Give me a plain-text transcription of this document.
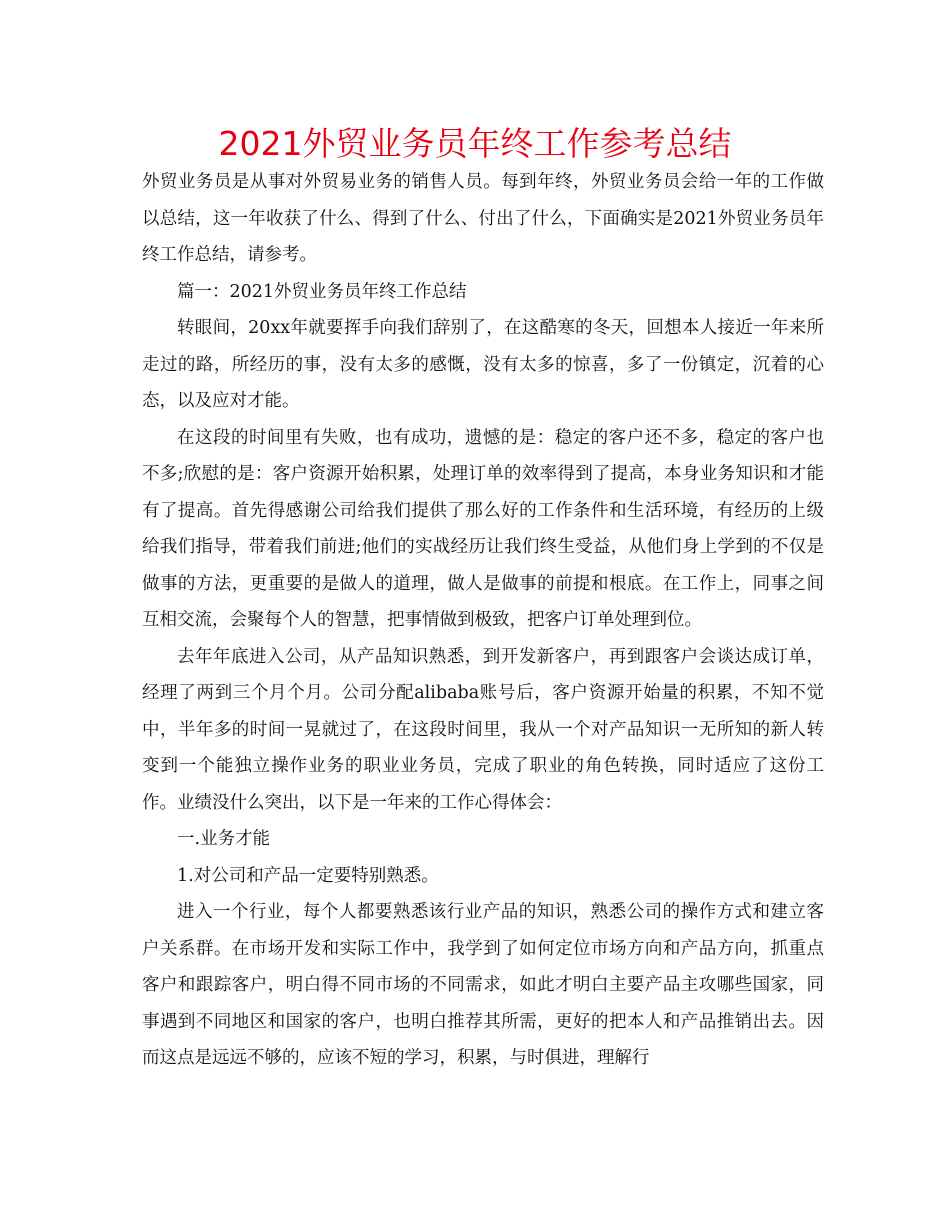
2021外贸业务员年终工作参考总结

外贸业务员是从事对外贸易业务的销售人员。每到年终，外贸业务员会给一年的工作做以总结，这一年收获了什么、得到了什么、付出了什么，下面确实是2021外贸业务员年终工作总结，请参考。

篇一：2021外贸业务员年终工作总结

转眼间，20xx年就要挥手向我们辞别了，在这酷寒的冬天，回想本人接近一年来所走过的路，所经历的事，没有太多的感慨，没有太多的惊喜，多了一份镇定，沉着的心态，以及应对才能。

在这段的时间里有失败，也有成功，遗憾的是：稳定的客户还不多，稳定的客户也不多;欣慰的是：客户资源开始积累，处理订单的效率得到了提高，本身业务知识和才能有了提高。首先得感谢公司给我们提供了那么好的工作条件和生活环境，有经历的上级给我们指导，带着我们前进;他们的实战经历让我们终生受益，从他们身上学到的不仅是做事的方法，更重要的是做人的道理，做人是做事的前提和根底。在工作上，同事之间互相交流，会聚每个人的智慧，把事情做到极致，把客户订单处理到位。

去年年底进入公司，从产品知识熟悉，到开发新客户，再到跟客户会谈达成订单，经理了两到三个月个月。公司分配alibaba账号后，客户资源开始量的积累，不知不觉中，半年多的时间一晃就过了，在这段时间里，我从一个对产品知识一无所知的新人转变到一个能独立操作业务的职业业务员，完成了职业的角色转换，同时适应了这份工作。业绩没什么突出，以下是一年来的工作心得体会：

一.业务才能

1.对公司和产品一定要特别熟悉。

进入一个行业，每个人都要熟悉该行业产品的知识，熟悉公司的操作方式和建立客户关系群。在市场开发和实际工作中，我学到了如何定位市场方向和产品方向，抓重点客户和跟踪客户，明白得不同市场的不同需求，如此才明白主要产品主攻哪些国家，同事遇到不同地区和国家的客户，也明白推荐其所需，更好的把本人和产品推销出去。因而这点是远远不够的，应该不短的学习，积累，与时俱进，理解行
